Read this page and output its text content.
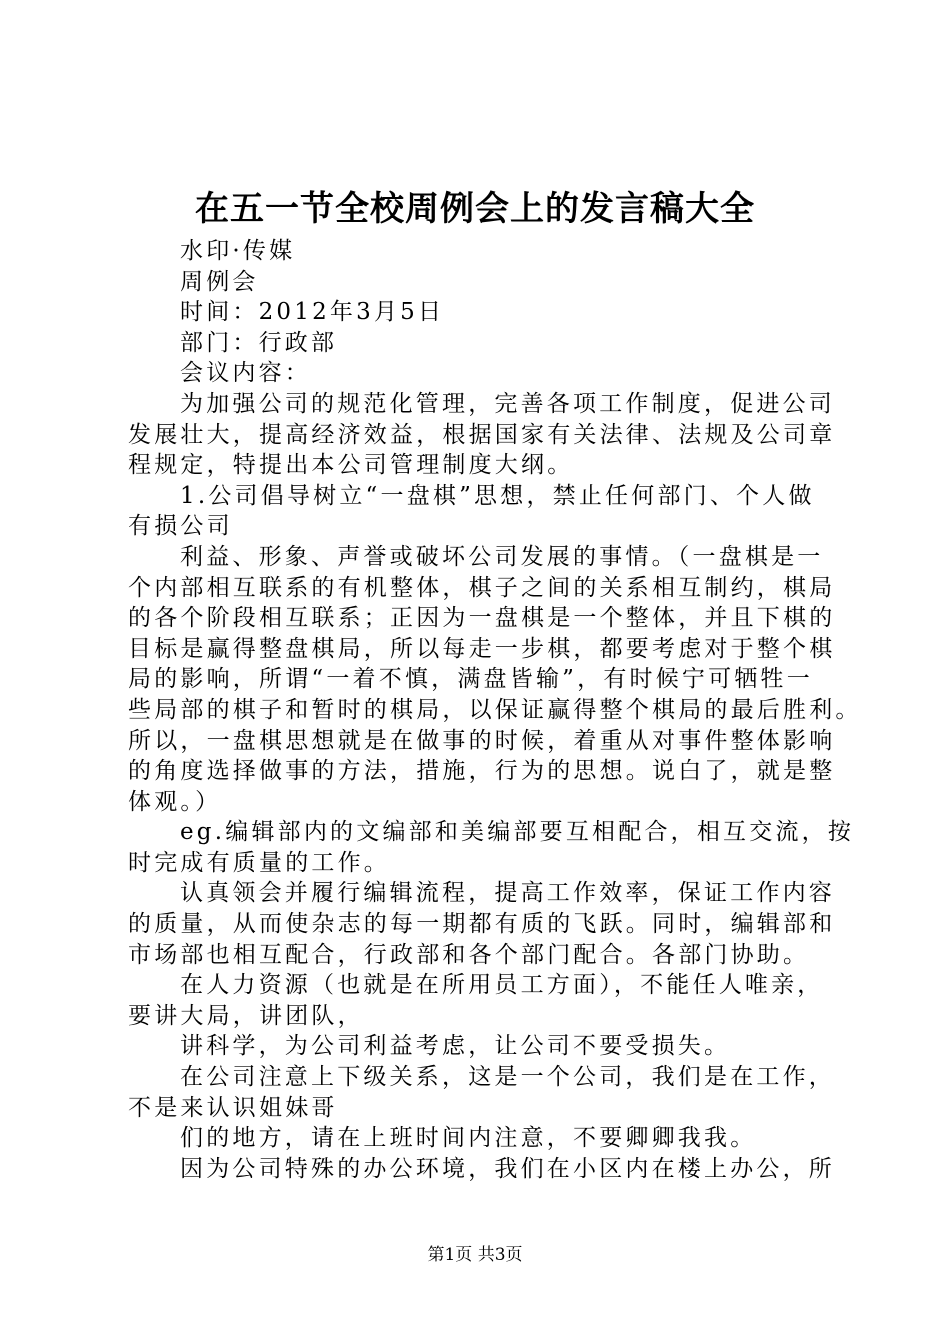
在五一节全校周例会上的发言稿大全
水印·传媒
周例会
时间：2012年3月5日
部门：行政部
会议内容：
为加强公司的规范化管理，完善各项工作制度，促进公司
发展壮大，提高经济效益，根据国家有关法律、法规及公司章
程规定，特提出本公司管理制度大纲。
1.公司倡导树立“一盘棋”思想，禁止任何部门、个人做
有损公司
利益、形象、声誉或破坏公司发展的事情。（一盘棋是一
个内部相互联系的有机整体，棋子之间的关系相互制约，棋局
的各个阶段相互联系；正因为一盘棋是一个整体，并且下棋的
目标是赢得整盘棋局，所以每走一步棋，都要考虑对于整个棋
局的影响，所谓“一着不慎，满盘皆输”，有时候宁可牺牲一
些局部的棋子和暂时的棋局，以保证赢得整个棋局的最后胜利。
所以，一盘棋思想就是在做事的时候，着重从对事件整体影响
的角度选择做事的方法，措施，行为的思想。说白了，就是整
体观。）
eg.编辑部内的文编部和美编部要互相配合，相互交流，按
时完成有质量的工作。
认真领会并履行编辑流程，提高工作效率，保证工作内容
的质量，从而使杂志的每一期都有质的飞跃。同时，编辑部和
市场部也相互配合，行政部和各个部门配合。各部门协助。
在人力资源（也就是在所用员工方面），不能任人唯亲，
要讲大局，讲团队，
讲科学，为公司利益考虑，让公司不要受损失。
在公司注意上下级关系，这是一个公司，我们是在工作，
不是来认识姐妹哥
们的地方，请在上班时间内注意，不要卿卿我我。
因为公司特殊的办公环境，我们在小区内在楼上办公，所
第1页 共3页
